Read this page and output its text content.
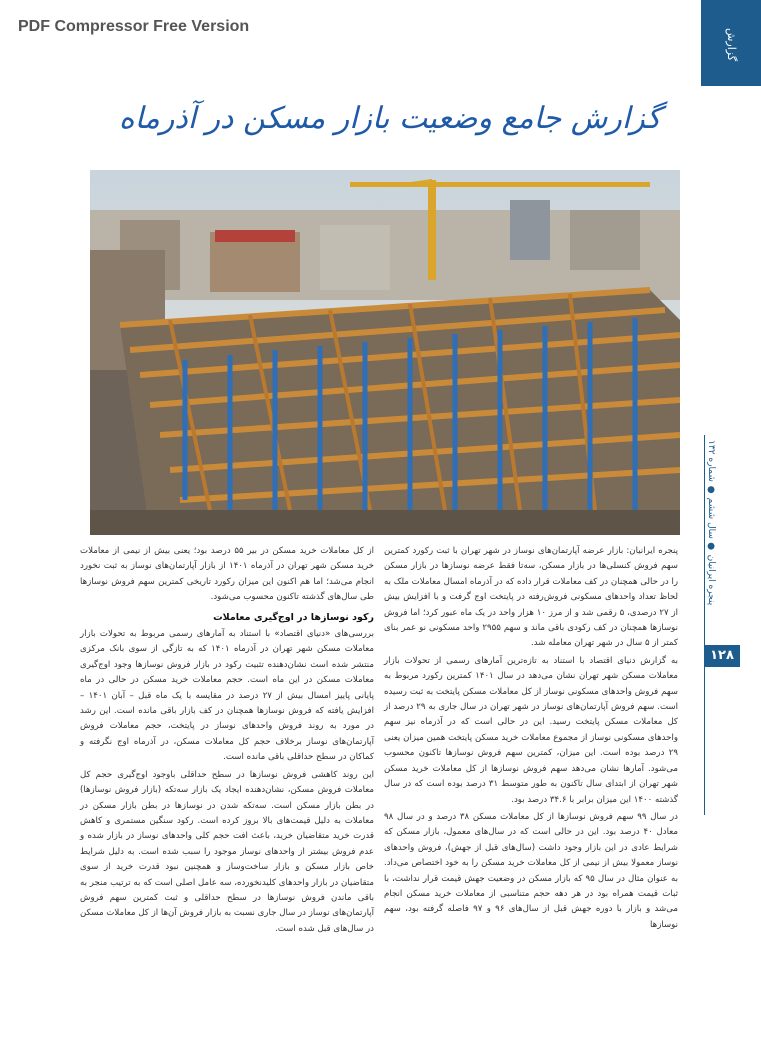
PDF Compressor Free Version
گزارش
گزارش جامع وضعیت بازار مسکن در آذرماه
پنجره ایرانیان ● سال ششم ● شماره ۱۳۲
۱۲۸

پنجره ایرانیان: بازار عرضه آپارتمان‌های نوساز در شهر تهران با ثبت رکورد کمترین سهم فروش کنسلی‌ها در بازار مسکن، سه‌تا فقط عرضه نوسازها در بازار مسکن را در حالی همچنان در کف معاملات قرار داده که در آذرماه امسال معاملات ملک به لحاظ تعداد واحدهای مسکونی فروش‌رفته در پایتخت اوج گرفت و با افزایش بیش از ۲۷ درصدی، ۵ رقمی شد و از مرز ۱۰ هزار واحد در یک ماه عبور کرد؛ اما فروش نوسازها همچنان در کف رکودی باقی ماند و سهم ۲۹۵۵ واحد مسکونی نو عمر بنای کمتر از ۵ سال در شهر تهران معامله شد.

به گزارش دنیای اقتصاد با استناد به تازه‌ترین آمارهای رسمی از تحولات بازار معاملات مسکن شهر تهران نشان می‌دهد در سال ۱۴۰۱ کمترین رکورد مربوط به سهم فروش واحدهای مسکونی نوساز از کل معاملات مسکن پایتخت به ثبت رسیده است. سهم فروش آپارتمان‌های نوساز در شهر تهران در سال جاری به ۲۹ درصد از کل معاملات مسکن پایتخت رسید. این در حالی است که در آذرماه نیز سهم واحدهای مسکونی نوساز از مجموع معاملات خرید مسکن پایتخت همین میزان یعنی ۲۹ درصد بوده است. این میزان، کمترین سهم فروش نوسازها تاکنون محسوب می‌شود. آمارها نشان می‌دهد سهم فروش نوسازها از کل معاملات خرید مسکن شهر تهران از ابتدای سال تاکنون به طور متوسط ۳۱ درصد بوده است که در سال گذشته ۱۴۰۰ این میزان برابر با ۳۴.۶ درصد بود.

در سال ۹۹ سهم فروش نوسازها از کل معاملات مسکن ۳۸ درصد و در سال ۹۸ معادل ۴۰ درصد بود. این در حالی است که در سال‌های معمول، بازار مسکن که شرایط عادی در این بازار وجود داشت (سال‌های قبل از جهش)، فروش واحدهای نوساز معمولا بیش از نیمی از کل معاملات خرید مسکن را به خود اختصاص می‌داد. به عنوان مثال در سال ۹۵ که بازار مسکن در وضعیت جهش قیمت قرار نداشت، با ثبات قیمت همراه بود در هر دهه حجم متناسبی از معاملات خرید مسکن انجام می‌شد و بازار با دوره جهش قبل از سال‌های ۹۶ و ۹۷ فاصله گرفته بود، سهم نوسازها

از کل معاملات خرید مسکن در بیر ۵۵ درصد بود؛ یعنی بیش از نیمی از معاملات خرید مسکن شهر تهران در آذرماه ۱۴۰۱ از بازار آپارتمان‌های نوساز به ثبت نخورد انجام می‌شد؛ اما هم اکنون این میزان رکورد تاریخی کمترین سهم فروش نوسازها طی سال‌های گذشته تاکنون محسوب می‌شود.

رکود نوسازها در اوج‌گیری معاملات

بررسی‌های «دنیای اقتصاد» با استناد به آمارهای رسمی مربوط به تحولات بازار معاملات مسکن شهر تهران در آذرماه ۱۴۰۱ که به تازگی از سوی بانک مرکزی منتشر شده است نشان‌دهنده تثبیت رکود در بازار فروش نوسازها وجود اوج‌گیری معاملات مسکن در این ماه است. حجم معاملات خرید مسکن در حالی در ماه پایانی پاییز امسال بیش از ۲۷ درصد در مقایسه با یک ماه قبل – آبان ۱۴۰۱ – افزایش یافته که فروش نوسازها همچنان در کف بازار باقی مانده است. این رشد در مورد به روند فروش واحدهای نوساز در پایتخت، حجم معاملات فروش آپارتمان‌های نوساز برخلاف حجم کل معاملات مسکن، در آذرماه اوج نگرفته و کماکان در سطح حداقلی باقی مانده است.

این روند کاهشی فروش نوسازها در سطح حداقلی باوجود اوج‌گیری حجم کل معاملات فروش مسکن، نشان‌دهنده ایجاد یک بازار سه‌تکه (بازار فروش نوسازها) در بطن بازار مسکن است. سه‌تکه شدن در نوسازها در بطن بازار مسکن در معاملات به دلیل قیمت‌های بالا بروز کرده است. رکود سنگین مستمری و کاهش قدرت خرید متقاضیان خرید، باعث افت حجم کلی واحدهای نوساز در بازار شده و عدم فروش بیشتر از واحدهای نوساز موجود را سبب شده است. به دلیل شرایط خاص بازار مسکن و بازار ساخت‌وساز و همچنین نبود قدرت خرید از سوی متقاضیان در بازار واحدهای کلیدنخورده، سه عامل اصلی است که به ترتیب منجر به باقی ماندن فروش نوسازها در سطح حداقلی و ثبت کمترین سهم فروش آپارتمان‌های نوساز در سال جاری نسبت به بازار فروش آن‌ها از کل معاملات مسکن در سال‌های قبل شده است.
